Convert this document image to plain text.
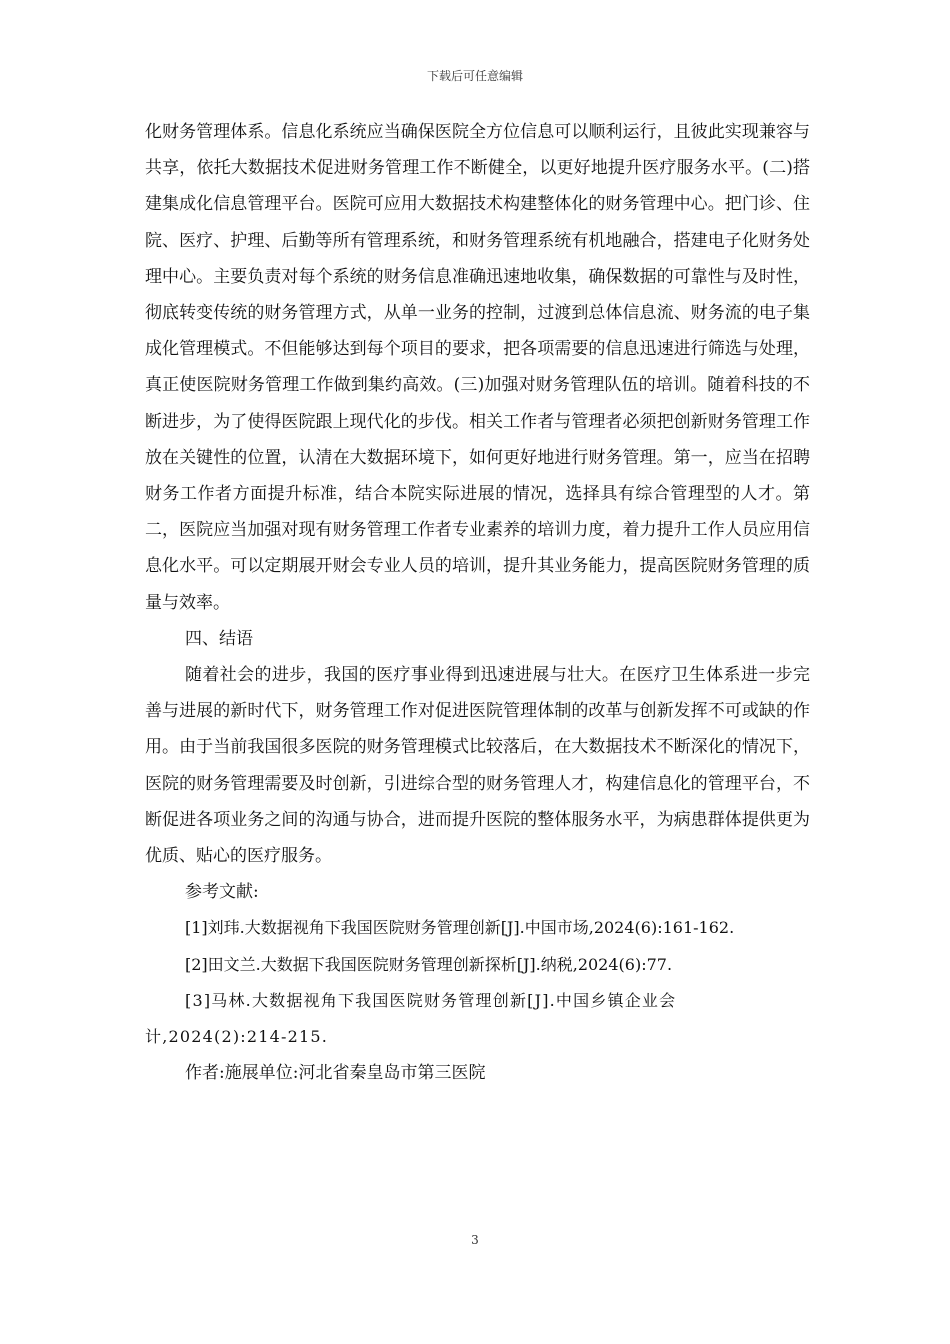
下载后可任意编辑

化财务管理体系。信息化系统应当确保医院全方位信息可以顺利运行，且彼此实现兼容与共享，依托大数据技术促进财务管理工作不断健全，以更好地提升医疗服务水平。(二)搭建集成化信息管理平台。医院可应用大数据技术构建整体化的财务管理中心。把门诊、住院、医疗、护理、后勤等所有管理系统，和财务管理系统有机地融合，搭建电子化财务处理中心。主要负责对每个系统的财务信息准确迅速地收集，确保数据的可靠性与及时性，彻底转变传统的财务管理方式，从单一业务的控制，过渡到总体信息流、财务流的电子集成化管理模式。不但能够达到每个项目的要求，把各项需要的信息迅速进行筛选与处理，真正使医院财务管理工作做到集约高效。(三)加强对财务管理队伍的培训。随着科技的不断进步，为了使得医院跟上现代化的步伐。相关工作者与管理者必须把创新财务管理工作放在关键性的位置，认清在大数据环境下，如何更好地进行财务管理。第一，应当在招聘财务工作者方面提升标准，结合本院实际进展的情况，选择具有综合管理型的人才。第二，医院应当加强对现有财务管理工作者专业素养的培训力度，着力提升工作人员应用信息化水平。可以定期展开财会专业人员的培训，提升其业务能力，提高医院财务管理的质量与效率。

四、结语

随着社会的进步，我国的医疗事业得到迅速进展与壮大。在医疗卫生体系进一步完善与进展的新时代下，财务管理工作对促进医院管理体制的改革与创新发挥不可或缺的作用。由于当前我国很多医院的财务管理模式比较落后，在大数据技术不断深化的情况下，医院的财务管理需要及时创新，引进综合型的财务管理人才，构建信息化的管理平台，不断促进各项业务之间的沟通与协合，进而提升医院的整体服务水平，为病患群体提供更为优质、贴心的医疗服务。

参考文献:

[1]刘玮.大数据视角下我国医院财务管理创新[J].中国市场,2024(6):161-162.

[2]田文兰.大数据下我国医院财务管理创新探析[J].纳税,2024(6):77.

[3]马林.大数据视角下我国医院财务管理创新[J].中国乡镇企业会计,2024(2):214-215.

作者:施展单位:河北省秦皇岛市第三医院

3
